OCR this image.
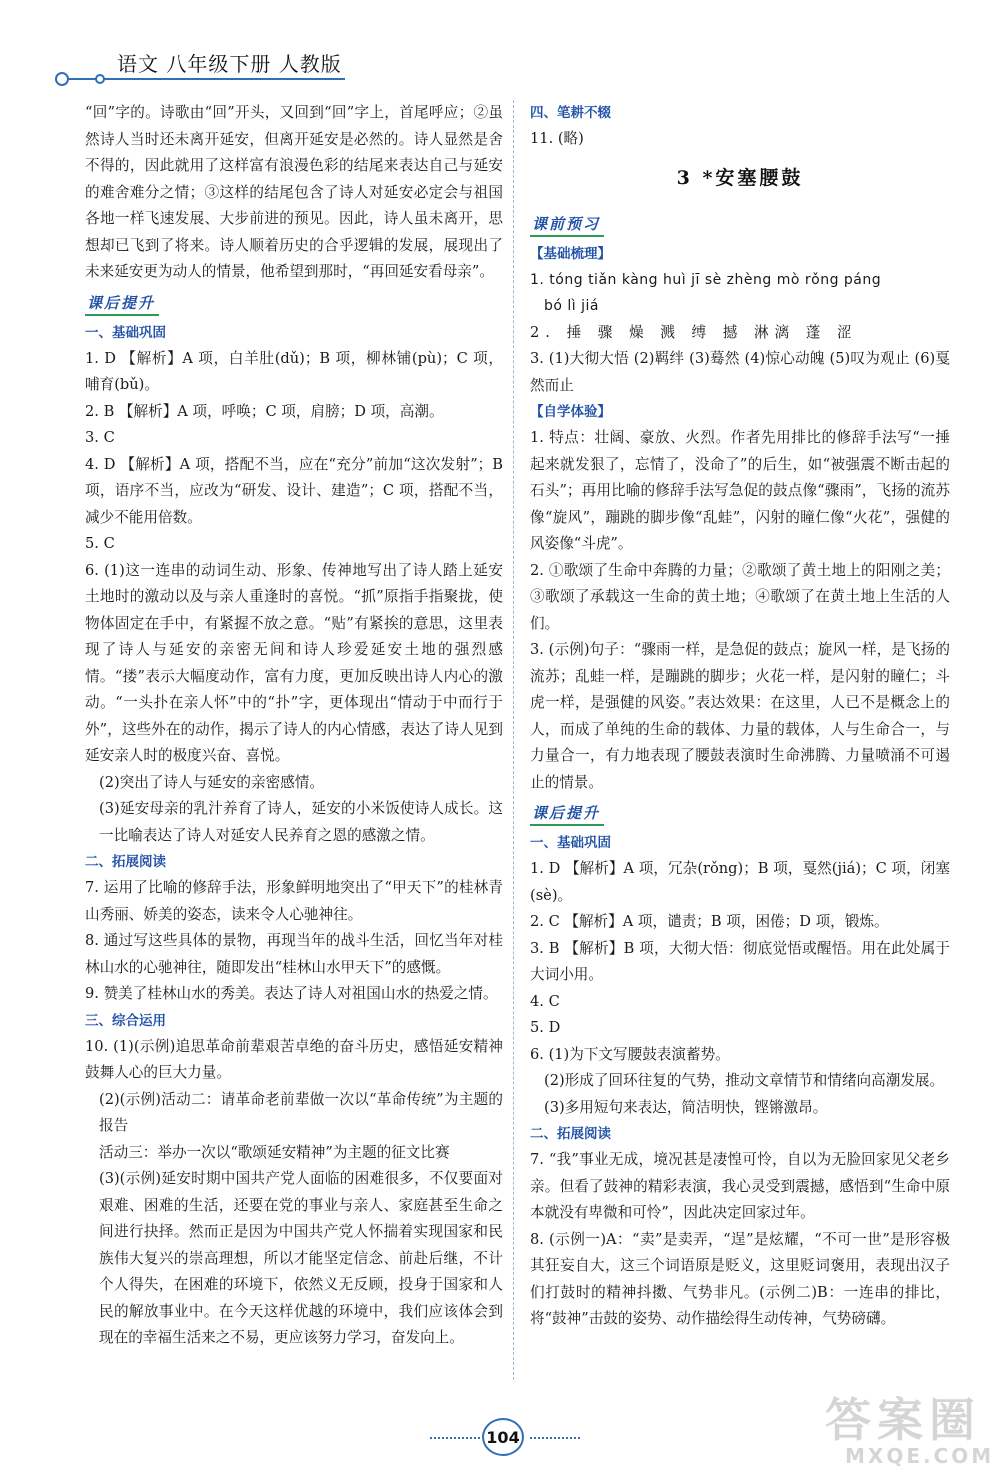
语文 八年级下册 人教版

“回”字的。诗歌由“回”开头，又回到“回”字上，首尾呼应；②虽然诗人当时还未离开延安，但离开延安是必然的。诗人显然是舍不得的，因此就用了这样富有浪漫色彩的结尾来表达自己与延安的难舍难分之情；③这样的结尾包含了诗人对延安必定会与祖国各地一样飞速发展、大步前进的预见。因此，诗人虽未离开，思想却已飞到了将来。诗人顺着历史的合乎逻辑的发展，展现出了未来延安更为动人的情景，他希望到那时，“再回延安看母亲”。

课后提升
一、基础巩固

1. D 【解析】A 项，白羊肚(dǔ)；B 项，柳林铺(pù)；C 项，哺育(bǔ)。

2. B 【解析】A 项，呼唤；C 项，肩膀；D 项，高潮。

3. C

4. D 【解析】A 项，搭配不当，应在“充分”前加“这次发射”；B 项，语序不当，应改为“研发、设计、建造”；C 项，搭配不当，减少不能用倍数。

5. C

6. (1)这一连串的动词生动、形象、传神地写出了诗人踏上延安土地时的激动以及与亲人重逢时的喜悦。“抓”原指手指聚拢，使物体固定在手中，有紧握不放之意。“贴”有紧挨的意思，这里表现了诗人与延安的亲密无间和诗人珍爱延安土地的强烈感情。“搂”表示大幅度动作，富有力度，更加反映出诗人内心的激动。“一头扑在亲人怀”中的“扑”字，更体现出“情动于中而行于外”，这些外在的动作，揭示了诗人的内心情感，表达了诗人见到延安亲人时的极度兴奋、喜悦。

(2)突出了诗人与延安的亲密感情。

(3)延安母亲的乳汁养育了诗人，延安的小米饭使诗人成长。这一比喻表达了诗人对延安人民养育之恩的感激之情。

二、拓展阅读

7. 运用了比喻的修辞手法，形象鲜明地突出了“甲天下”的桂林青山秀丽、娇美的姿态，读来令人心驰神往。

8. 通过写这些具体的景物，再现当年的战斗生活，回忆当年对桂林山水的心驰神往，随即发出“桂林山水甲天下”的感慨。

9. 赞美了桂林山水的秀美。表达了诗人对祖国山水的热爱之情。

三、综合运用

10. (1)(示例)追思革命前辈艰苦卓绝的奋斗历史，感悟延安精神鼓舞人心的巨大力量。

(2)(示例)活动二：请革命老前辈做一次以“革命传统”为主题的报告

活动三：举办一次以“歌颂延安精神”为主题的征文比赛

(3)(示例)延安时期中国共产党人面临的困难很多，不仅要面对艰难、困难的生活，还要在党的事业与亲人、家庭甚至生命之间进行抉择。然而正是因为中国共产党人怀揣着实现国家和民族伟大复兴的崇高理想，所以才能坚定信念、前赴后继，不计个人得失，在困难的环境下，依然义无反顾，投身于国家和人民的解放事业中。在今天这样优越的环境中，我们应该体会到现在的幸福生活来之不易，更应该努力学习，奋发向上。

四、笔耕不辍

11. (略)

3 *安塞腰鼓
课前预习
【基础梳理】

1. tóng tiǎn kàng huì jī sè zhèng mò rǒng páng

bó lì jiá

2. 捶 骤 燥 溅 缚 撼 淋漓 蓬 涩

3. (1)大彻大悟 (2)羁绊 (3)蓦然 (4)惊心动魄 (5)叹为观止 (6)戛然而止

【自学体验】

1. 特点：壮阔、豪放、火烈。作者先用排比的修辞手法写“一捶起来就发狠了，忘情了，没命了”的后生，如“被强震不断击起的石头”；再用比喻的修辞手法写急促的鼓点像“骤雨”，飞扬的流苏像“旋风”，蹦跳的脚步像“乱蛙”，闪射的瞳仁像“火花”，强健的风姿像“斗虎”。

2. ①歌颂了生命中奔腾的力量；②歌颂了黄土地上的阳刚之美；③歌颂了承载这一生命的黄土地；④歌颂了在黄土地上生活的人们。

3. (示例)句子：“骤雨一样，是急促的鼓点；旋风一样，是飞扬的流苏；乱蛙一样，是蹦跳的脚步；火花一样，是闪射的瞳仁；斗虎一样，是强健的风姿。”表达效果：在这里，人已不是概念上的人，而成了单纯的生命的载体、力量的载体，人与生命合一，与力量合一，有力地表现了腰鼓表演时生命沸腾、力量喷涌不可遏止的情景。

课后提升
一、基础巩固

1. D 【解析】A 项，冗杂(rǒng)；B 项，戛然(jiá)；C 项，闭塞(sè)。

2. C 【解析】A 项，谴责；B 项，困倦；D 项，锻炼。

3. B 【解析】B 项，大彻大悟：彻底觉悟或醒悟。用在此处属于大词小用。

4. C

5. D

6. (1)为下文写腰鼓表演蓄势。

(2)形成了回环往复的气势，推动文章情节和情绪向高潮发展。

(3)多用短句来表达，简洁明快，铿锵激昂。

二、拓展阅读

7. “我”事业无成，境况甚是凄惶可怜，自以为无脸回家见父老乡亲。但看了鼓神的精彩表演，我心灵受到震撼，感悟到“生命中原本就没有卑微和可怜”，因此决定回家过年。

8. (示例一)A：“卖”是卖弄，“逞”是炫耀，“不可一世”是形容极其狂妄自大，这三个词语原是贬义，这里贬词褒用，表现出汉子们打鼓时的精神抖擞、气势非凡。(示例二)B：一连串的排比，将“鼓神”击鼓的姿势、动作描绘得生动传神，气势磅礴。

104	答案圈
MXQE.COM
